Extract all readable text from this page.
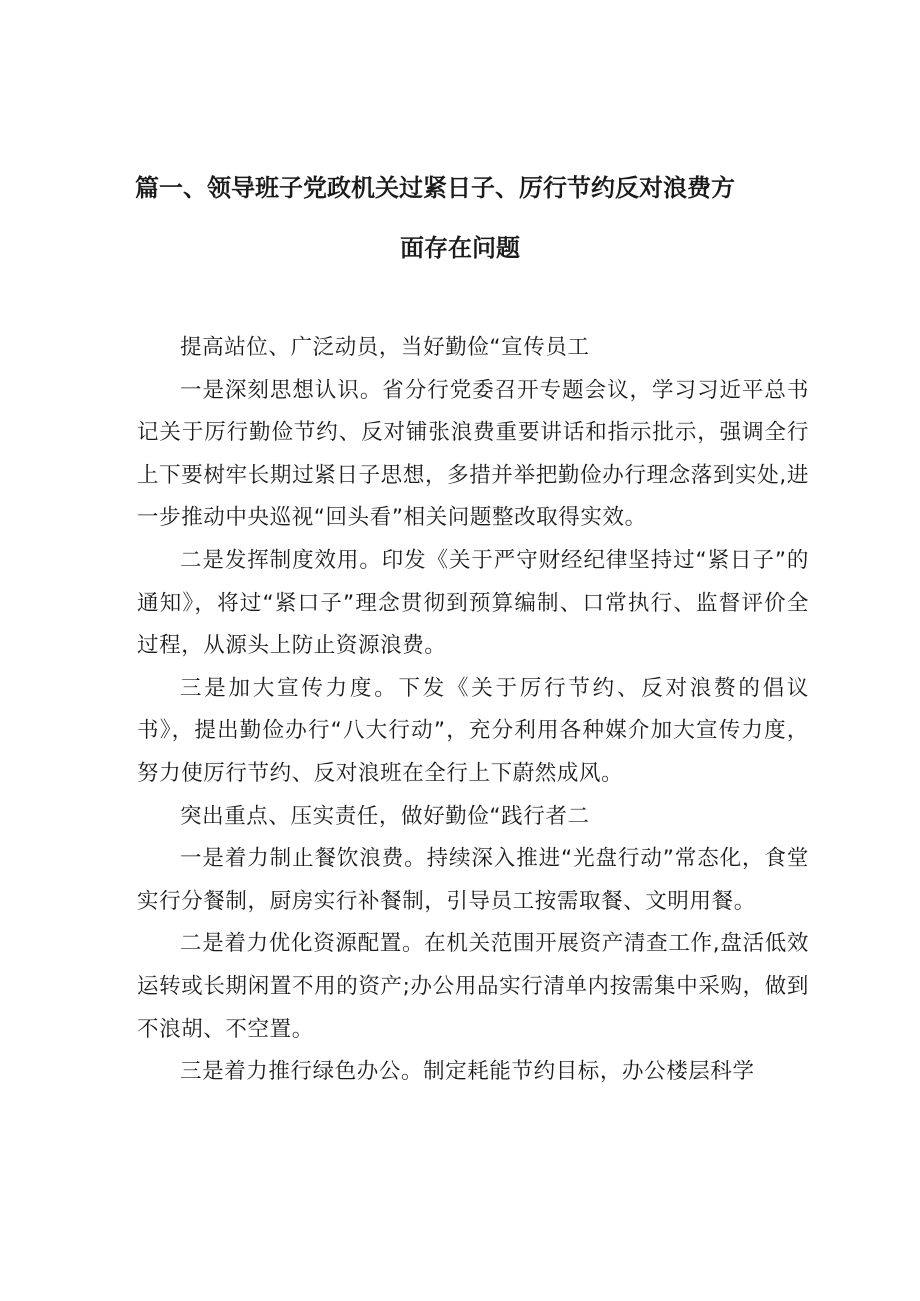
篇一、领导班子党政机关过紧日子、厉行节约反对浪费方
面存在问题

提高站位、广泛动员，当好勤俭“宣传员工

一是深刻思想认识。省分行党委召开专题会议，学习习近平总书记关于厉行勤俭节约、反对铺张浪费重要讲话和指示批示，强调全行上下要树牢长期过紧日子思想，多措并举把勤俭办行理念落到实处,进一步推动中央巡视“回头看”相关问题整改取得实效。

二是发挥制度效用。印发《关于严守财经纪律坚持过“紧日子”的通知》，将过“紧口子”理念贯彻到预算编制、口常执行、监督评价全过程，从源头上防止资源浪费。

三是加大宣传力度。下发《关于厉行节约、反对浪赘的倡议书》，提出勤俭办行“八大行动”，充分利用各种媒介加大宣传力度，努力使厉行节约、反对浪班在全行上下蔚然成风。

突出重点、压实责任，做好勤俭“践行者二

一是着力制止餐饮浪费。持续深入推进“光盘行动”常态化，食堂实行分餐制，厨房实行补餐制，引导员工按需取餐、文明用餐。

二是着力优化资源配置。在机关范围开展资产清查工作,盘活低效运转或长期闲置不用的资产;办公用品实行清单内按需集中采购，做到不浪胡、不空置。

三是着力推行绿色办公。制定耗能节约目标，办公楼层科学
